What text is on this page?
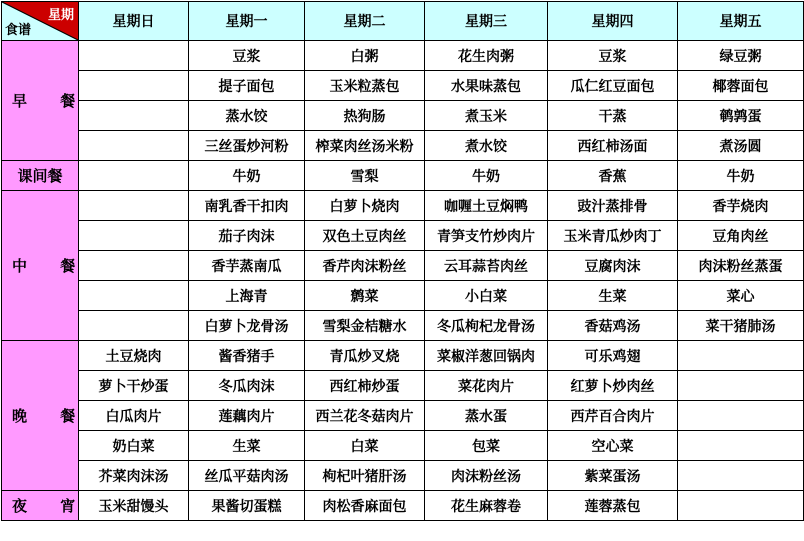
星期
食谱	星期日	星期一	星期二	星期三	星期四	星期五
早 餐		豆浆	白粥	花生肉粥	豆浆	绿豆粥
		提子面包	玉米粒蒸包	水果味蒸包	瓜仁红豆面包	椰蓉面包
		蒸水饺	热狗肠	煮玉米	干蒸	鹌鹑蛋
		三丝蛋炒河粉	榨菜肉丝汤米粉	煮水饺	西红柿汤面	煮汤圆
课间餐		牛奶	雪梨	牛奶	香蕉	牛奶
中 餐		南乳香干扣肉	白萝卜烧肉	咖喱土豆焖鸭	豉汁蒸排骨	香芋烧肉
		茄子肉沫	双色土豆肉丝	青笋支竹炒肉片	玉米青瓜炒肉丁	豆角肉丝
		香芋蒸南瓜	香芹肉沫粉丝	云耳蒜苔肉丝	豆腐肉沫	肉沫粉丝蒸蛋
		上海青	鹩菜	小白菜	生菜	菜心
		白萝卜龙骨汤	雪梨金桔糖水	冬瓜枸杞龙骨汤	香菇鸡汤	菜干猪肺汤
晚 餐	土豆烧肉	酱香猪手	青瓜炒叉烧	菜椒洋葱回锅肉	可乐鸡翅	
	萝卜干炒蛋	冬瓜肉沫	西红柿炒蛋	菜花肉片	红萝卜炒肉丝	
	白瓜肉片	莲藕肉片	西兰花冬菇肉片	蒸水蛋	西芹百合肉片	
	奶白菜	生菜	白菜	包菜	空心菜	
	芥菜肉沫汤	丝瓜平菇肉汤	枸杞叶猪肝汤	肉沫粉丝汤	紫菜蛋汤	
夜 宵	玉米甜馒头	果酱切蛋糕	肉松香麻面包	花生麻蓉卷	莲蓉蒸包	
